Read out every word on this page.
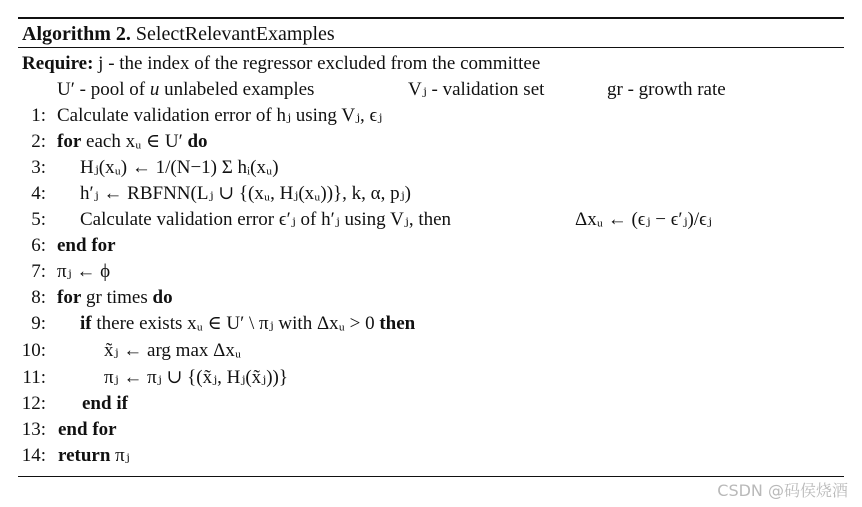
Algorithm 2. SelectRelevantExamples
Require: j - the index of the regressor excluded from the committee
U′ - pool of u unlabeled examples	Vⱼ - validation set	gr - growth rate
1: Calculate validation error of hⱼ using Vⱼ, ϵⱼ
2: for each xᵤ ∈ U′ do
3: Hⱼ(xᵤ) ← 1/(N−1) Σ hᵢ(xᵤ)
4: h′ⱼ ← RBFNN(Lⱼ ∪ {(xᵤ, Hⱼ(xᵤ))}, k, α, pⱼ)
5: Calculate validation error ϵ′ⱼ of h′ⱼ using Vⱼ, then	Δxᵤ ← (ϵⱼ − ϵ′ⱼ)/ϵⱼ
6: end for
7: πⱼ ← ϕ
8: for gr times do
9: if there exists xᵤ ∈ U′ \ πⱼ with Δxᵤ > 0 then
10:	x̃ⱼ ← arg max Δxᵤ
11:	πⱼ ← πⱼ ∪ {(x̃ⱼ, Hⱼ(x̃ⱼ))}
12: end if
13: end for
14: return πⱼ
CSDN @码侯烧酒
